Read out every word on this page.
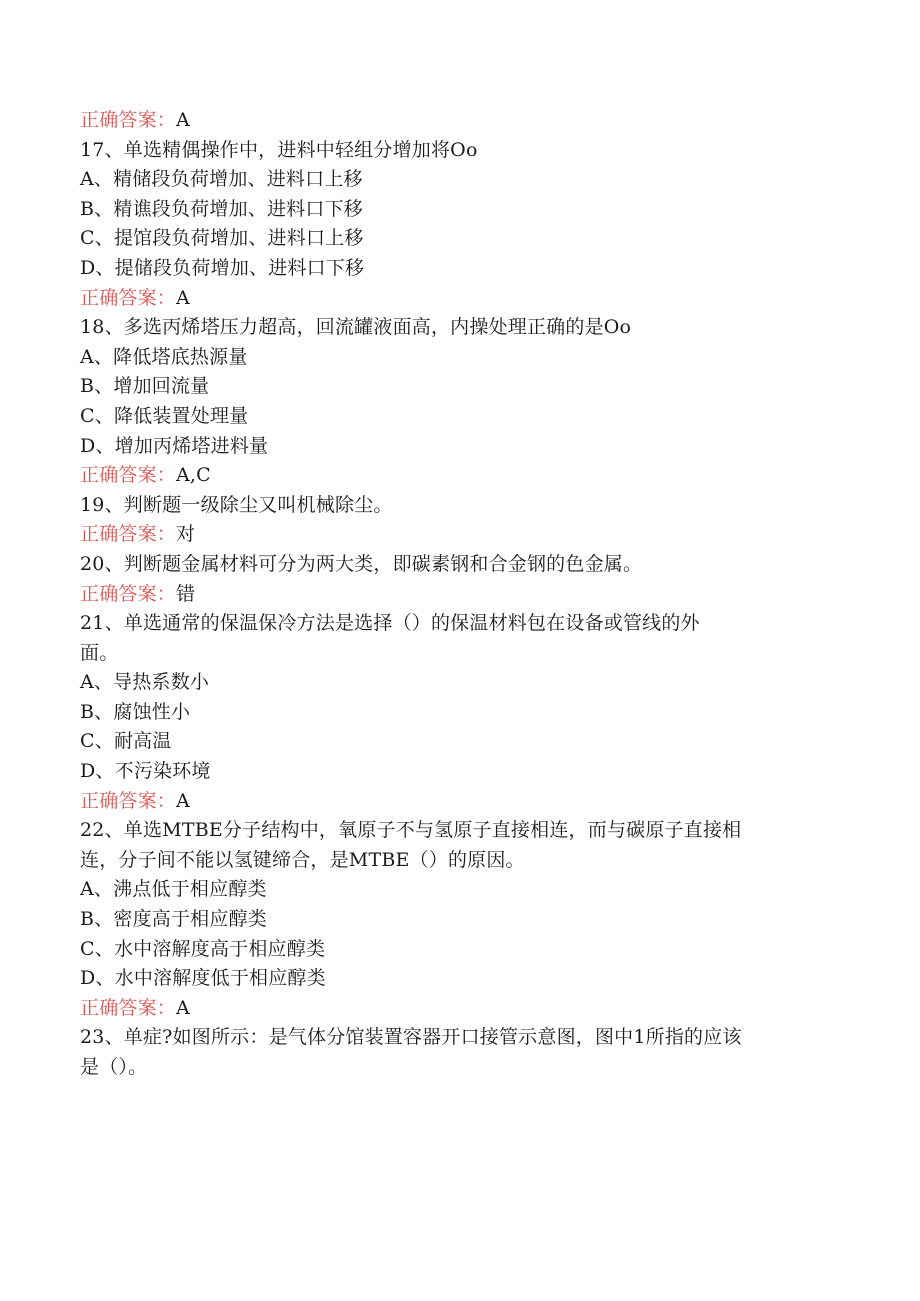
正确答案：A
17、单选精偶操作中，进料中轻组分增加将Oo
A、精储段负荷增加、进料口上移
B、精谯段负荷增加、进料口下移
C、提馆段负荷增加、进料口上移
D、提储段负荷增加、进料口下移
正确答案：A
18、多选丙烯塔压力超高，回流罐液面高，内操处理正确的是Oo
A、降低塔底热源量
B、增加回流量
C、降低装置处理量
D、增加丙烯塔进料量
正确答案：A,C
19、判断题一级除尘又叫机械除尘。
正确答案：对
20、判断题金属材料可分为两大类，即碳素钢和合金钢的色金属。
正确答案：错
21、单选通常的保温保冷方法是选择（）的保温材料包在设备或管线的外
面。
A、导热系数小
B、腐蚀性小
C、耐高温
D、不污染环境
正确答案：A
22、单选MTBE分子结构中，氧原子不与氢原子直接相连，而与碳原子直接相
连，分子间不能以氢键缔合，是MTBE（）的原因。
A、沸点低于相应醇类
B、密度高于相应醇类
C、水中溶解度高于相应醇类
D、水中溶解度低于相应醇类
正确答案：A
23、单症?如图所示：是气体分馆装置容器开口接管示意图，图中1所指的应该
是（）。
